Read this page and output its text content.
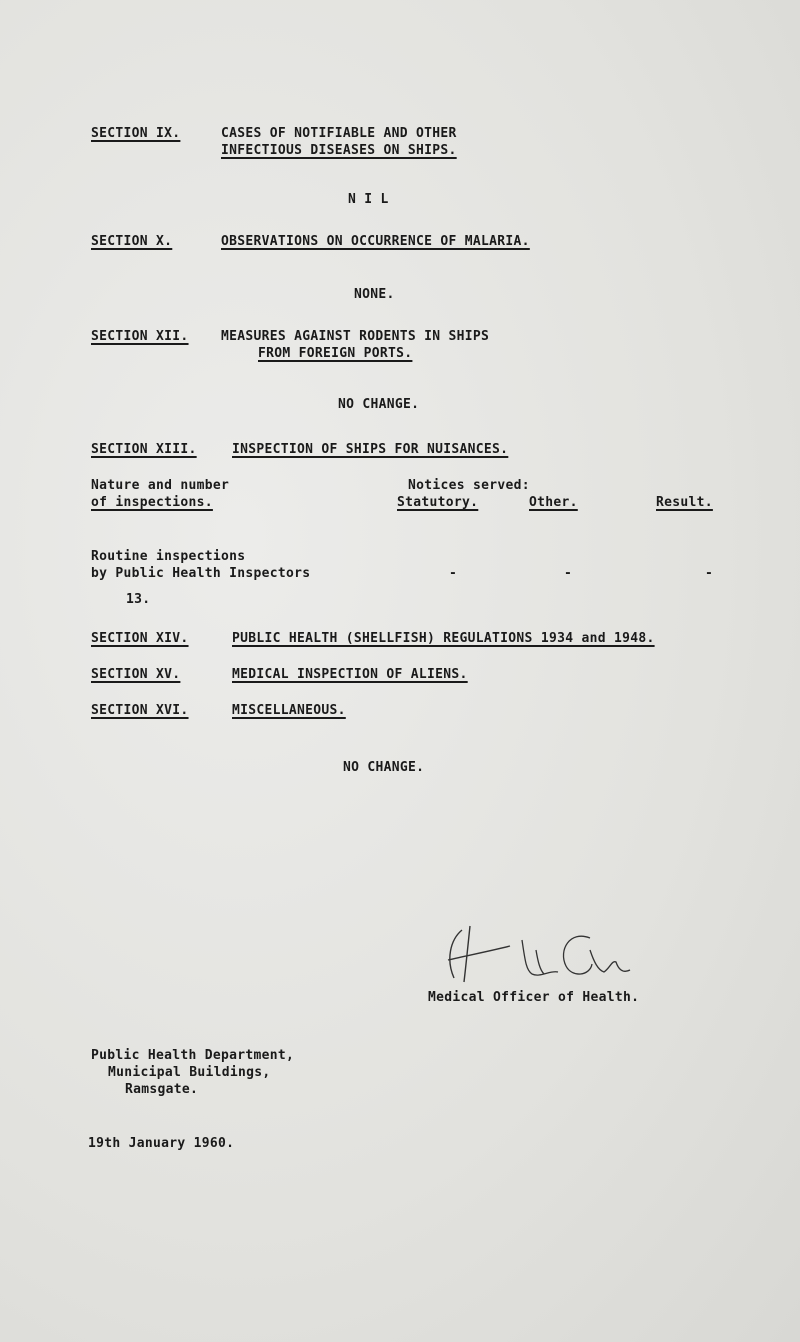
SECTION IX.	CASES OF NOTIFIABLE AND OTHER
INFECTIOUS DISEASES ON SHIPS.
N I L
SECTION X.	OBSERVATIONS ON OCCURRENCE OF MALARIA.
NONE.
SECTION XII. MEASURES AGAINST RODENTS IN SHIPS
FROM FOREIGN PORTS.
NO CHANGE.
SECTION XIII.	INSPECTION OF SHIPS FOR NUISANCES.
Nature and number
of inspections.
Notices served:
Statutory.	Other.	Result.
Routine inspections
by Public Health Inspectors	-	-	-
13.
SECTION XIV.	PUBLIC HEALTH (SHELLFISH) REGULATIONS 1934 and 1948.
SECTION XV.	MEDICAL INSPECTION OF ALIENS.
SECTION XVI.	MISCELLANEOUS.
NO CHANGE.
Medical Officer of Health.
Public Health Department,
Municipal Buildings,
Ramsgate.
19th January 1960.
